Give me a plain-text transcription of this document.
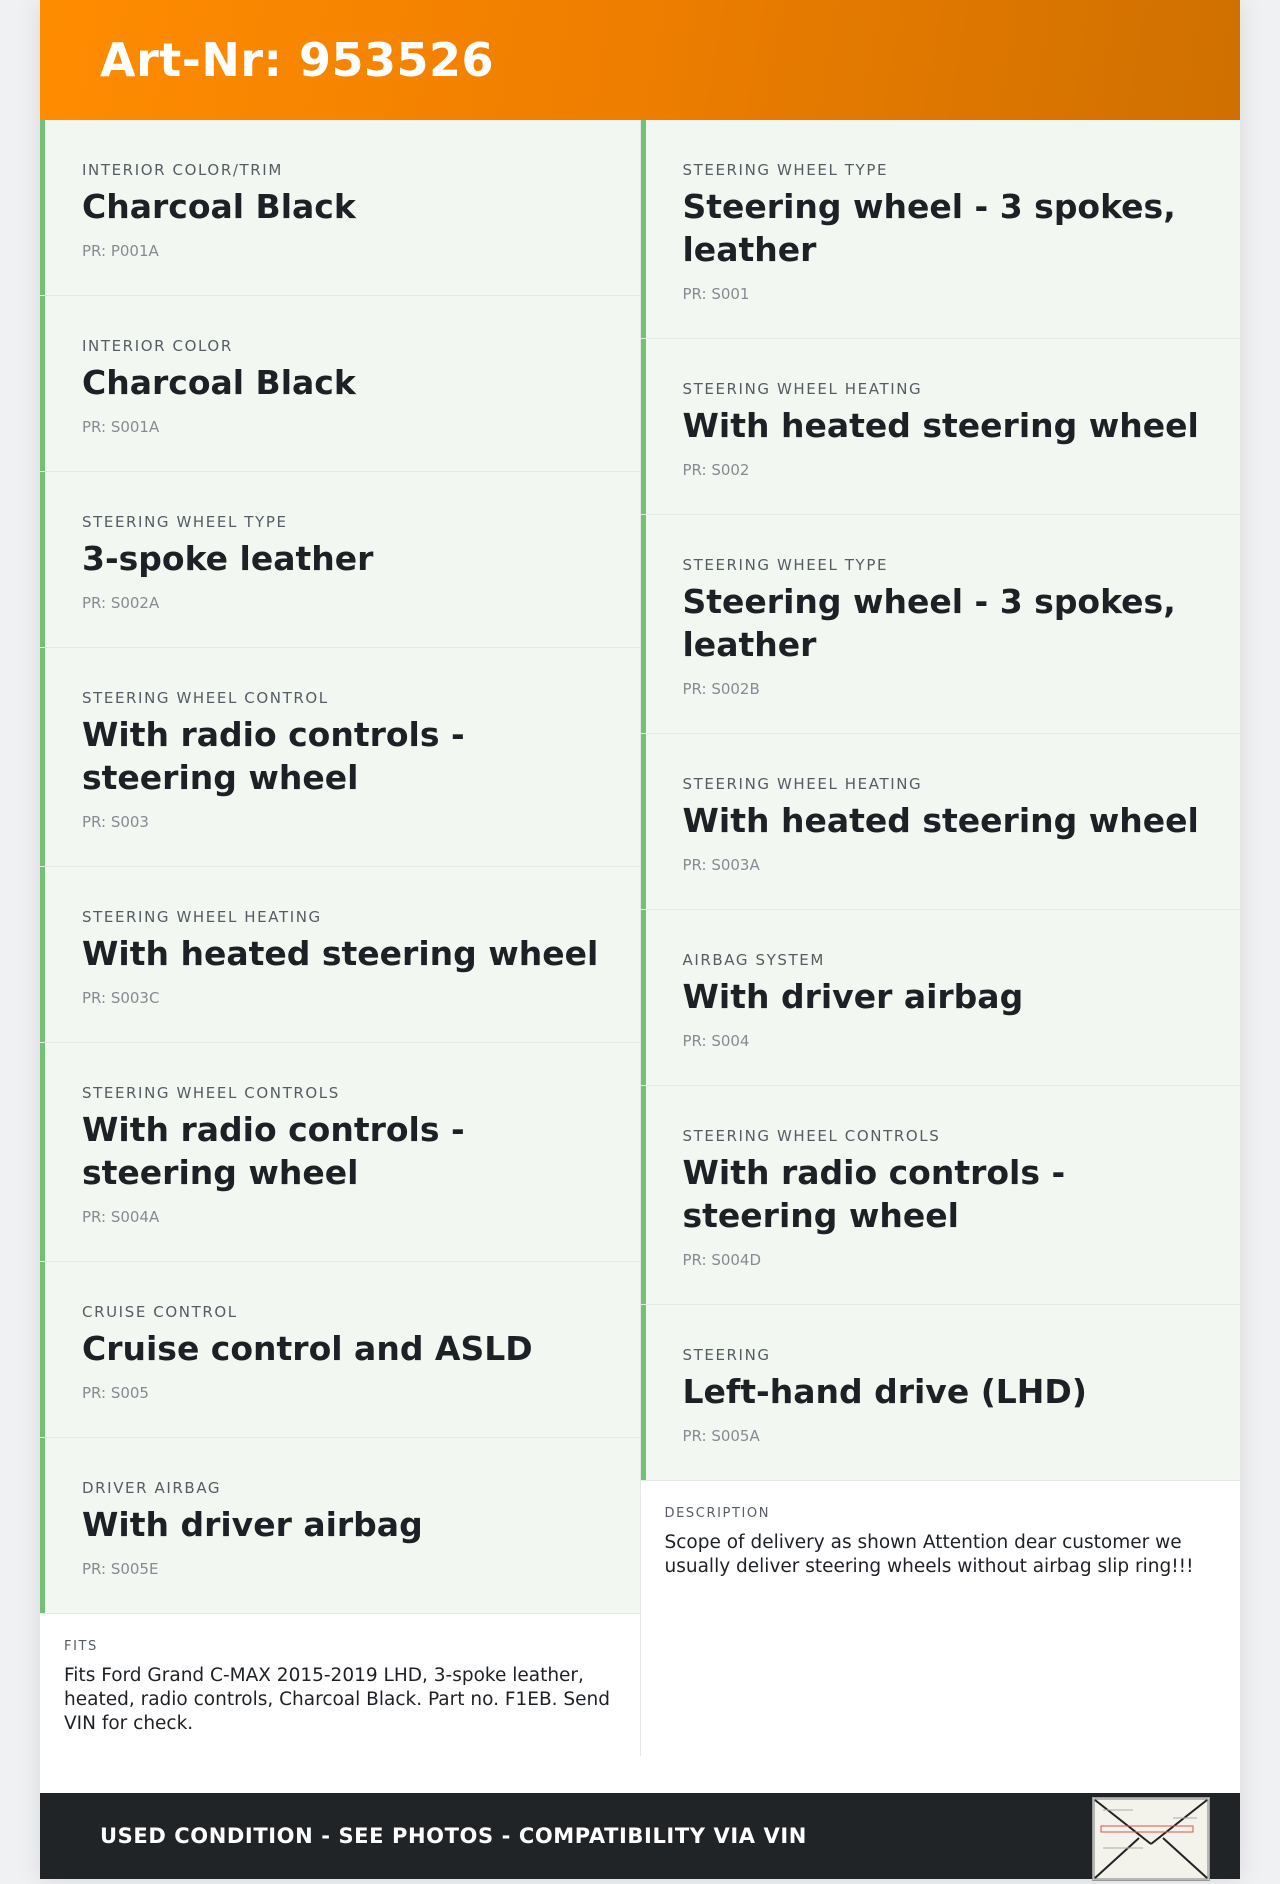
Art-Nr: 953526
INTERIOR COLOR/TRIM
Charcoal Black
PR: P001A
INTERIOR COLOR
Charcoal Black
PR: S001A
STEERING WHEEL TYPE
3-spoke leather
PR: S002A
STEERING WHEEL CONTROL
With radio controls - steering wheel
PR: S003
STEERING WHEEL HEATING
With heated steering wheel
PR: S003C
STEERING WHEEL CONTROLS
With radio controls - steering wheel
PR: S004A
CRUISE CONTROL
Cruise control and ASLD
PR: S005
DRIVER AIRBAG
With driver airbag
PR: S005E
FITS
Fits Ford Grand C-MAX 2015-2019 LHD, 3-spoke leather, heated, radio controls, Charcoal Black. Part no. F1EB. Send VIN for check.
STEERING WHEEL TYPE
Steering wheel - 3 spokes, leather
PR: S001
STEERING WHEEL HEATING
With heated steering wheel
PR: S002
STEERING WHEEL TYPE
Steering wheel - 3 spokes, leather
PR: S002B
STEERING WHEEL HEATING
With heated steering wheel
PR: S003A
AIRBAG SYSTEM
With driver airbag
PR: S004
STEERING WHEEL CONTROLS
With radio controls - steering wheel
PR: S004D
STEERING
Left-hand drive (LHD)
PR: S005A
DESCRIPTION
Scope of delivery as shown Attention dear customer we usually deliver steering wheels without airbag slip ring!!!
USED CONDITION - SEE PHOTOS - COMPATIBILITY VIA VIN
